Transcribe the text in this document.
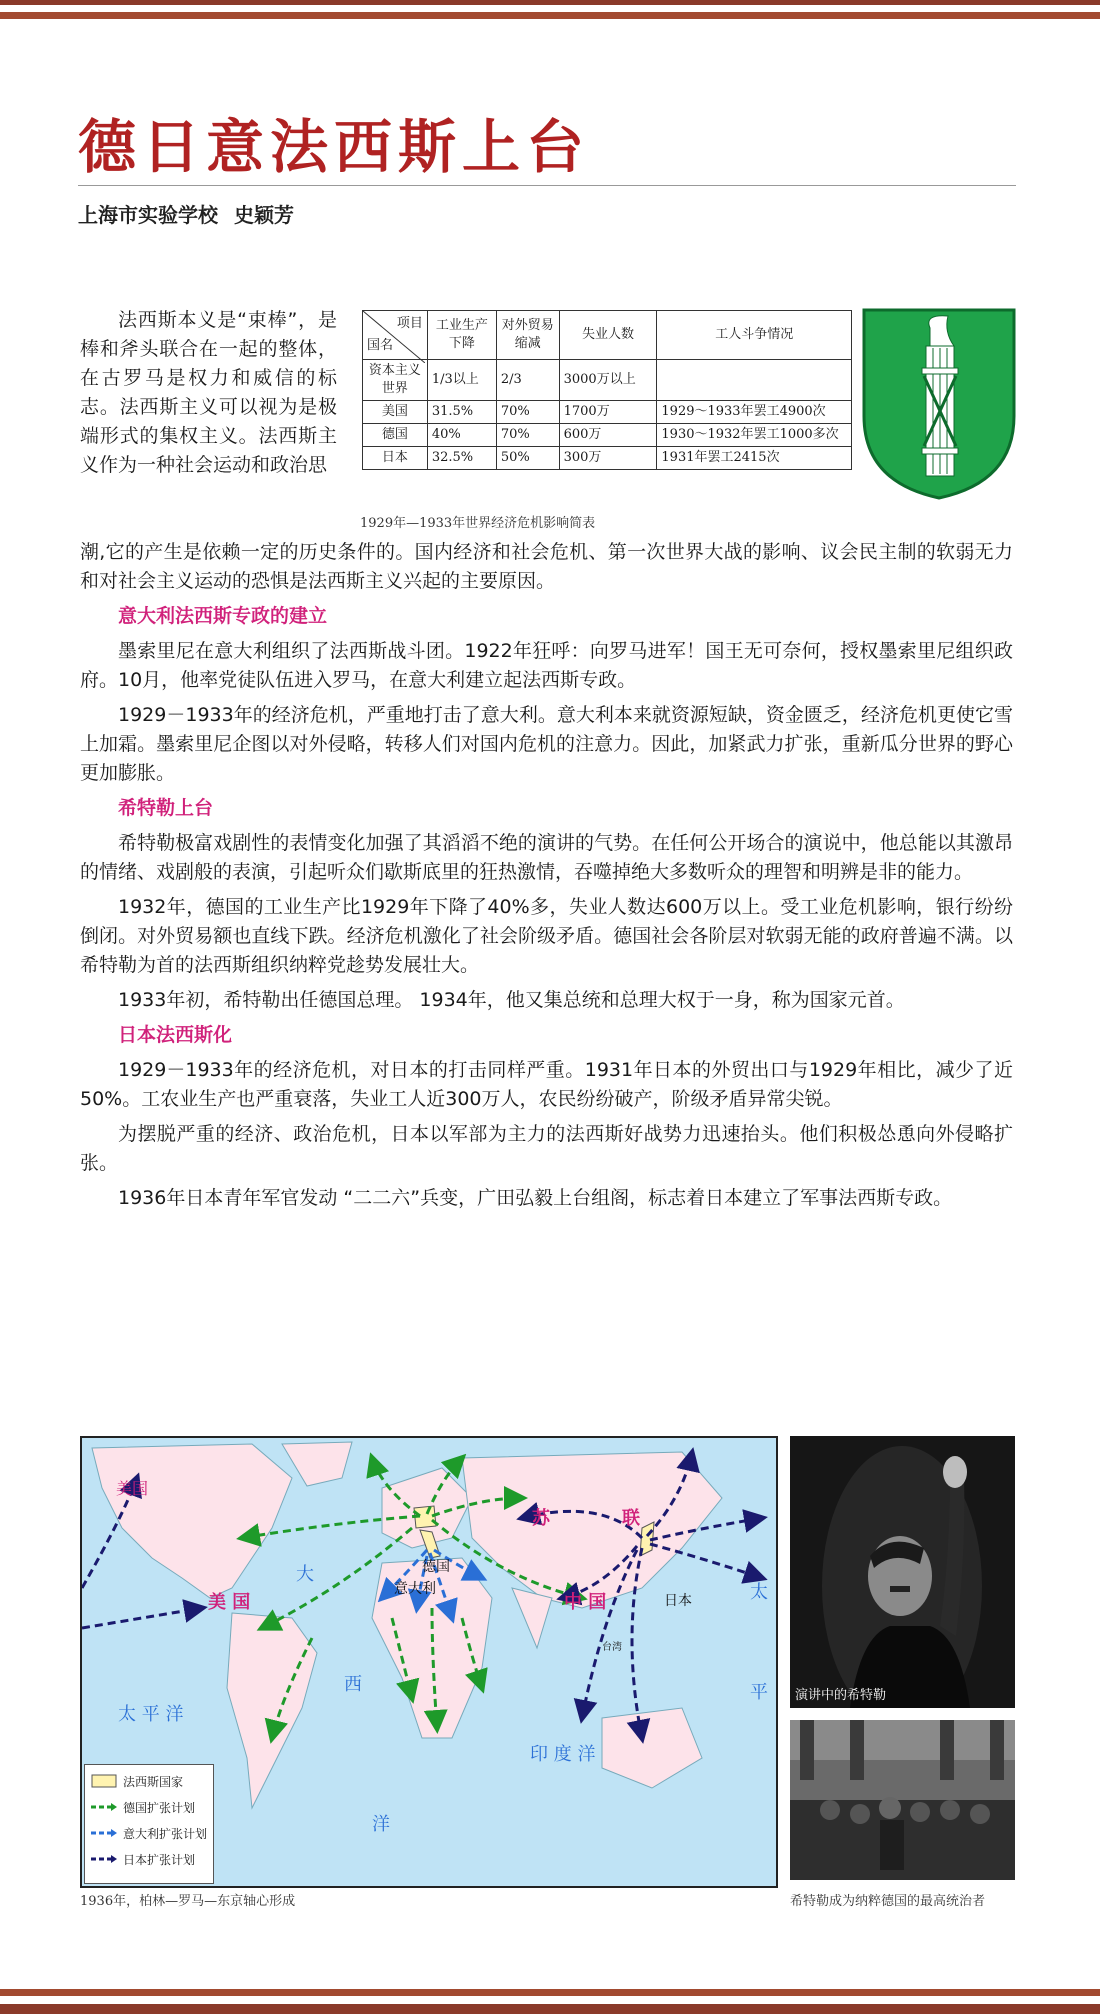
德日意法西斯上台
上海市实验学校 史颖芳

法西斯本义是“束棒”，是棒和斧头联合在一起的整体，在古罗马是权力和威信的标志。法西斯主义可以视为是极端形式的集权主义。法西斯主义作为一种社会运动和政治思

项目
国名	工业生产下降	对外贸易缩减	失业人数	工人斗争情况
资本主义世界	1/3以上	2/3	3000万以上	
美国	31.5%	70%	1700万	1929～1933年罢工4900次
德国	40%	70%	600万	1930～1932年罢工1000多次
日本	32.5%	50%	300万	1931年罢工2415次
1929年—1933年世界经济危机影响简表

潮,它的产生是依赖一定的历史条件的。国内经济和社会危机、第一次世界大战的影响、议会民主制的软弱无力和对社会主义运动的恐惧是法西斯主义兴起的主要原因。

意大利法西斯专政的建立

墨索里尼在意大利组织了法西斯战斗团。1922年狂呼：向罗马进军！国王无可奈何，授权墨索里尼组织政府。10月，他率党徒队伍进入罗马，在意大利建立起法西斯专政。

1929－1933年的经济危机，严重地打击了意大利。意大利本来就资源短缺，资金匮乏，经济危机更使它雪上加霜。墨索里尼企图以对外侵略，转移人们对国内危机的注意力。因此，加紧武力扩张，重新瓜分世界的野心更加膨胀。

希特勒上台

希特勒极富戏剧性的表情变化加强了其滔滔不绝的演讲的气势。在任何公开场合的演说中，他总能以其激昂的情绪、戏剧般的表演，引起听众们歇斯底里的狂热激情，吞噬掉绝大多数听众的理智和明辨是非的能力。

1932年，德国的工业生产比1929年下降了40%多，失业人数达600万以上。受工业危机影响，银行纷纷倒闭。对外贸易额也直线下跌。经济危机激化了社会阶级矛盾。德国社会各阶层对软弱无能的政府普遍不满。以希特勒为首的法西斯组织纳粹党趁势发展壮大。

1933年初，希特勒出任德国总理。 1934年，他又集总统和总理大权于一身，称为国家元首。

日本法西斯化

1929－1933年的经济危机，对日本的打击同样严重。1931年日本的外贸出口与1929年相比，减少了近50%。工农业生产也严重衰落，失业工人近300万人，农民纷纷破产，阶级矛盾异常尖锐。

为摆脱严重的经济、政治危机，日本以军部为主力的法西斯好战势力迅速抬头。他们积极怂恿向外侵略扩张。

1936年日本青年军官发动 “二二六”兵变，广田弘毅上台组阁，标志着日本建立了军事法西斯专政。

美国
美 国
苏	联
德国
意大利
中 国	日本
台湾
太 平 洋
大
西
洋
印 度 洋
太
平
法西斯国家
德国扩张计划
意大利扩张计划
日本扩张计划
1936年，柏林—罗马—东京轴心形成
演讲中的希特勒
希特勒成为纳粹德国的最高统治者
